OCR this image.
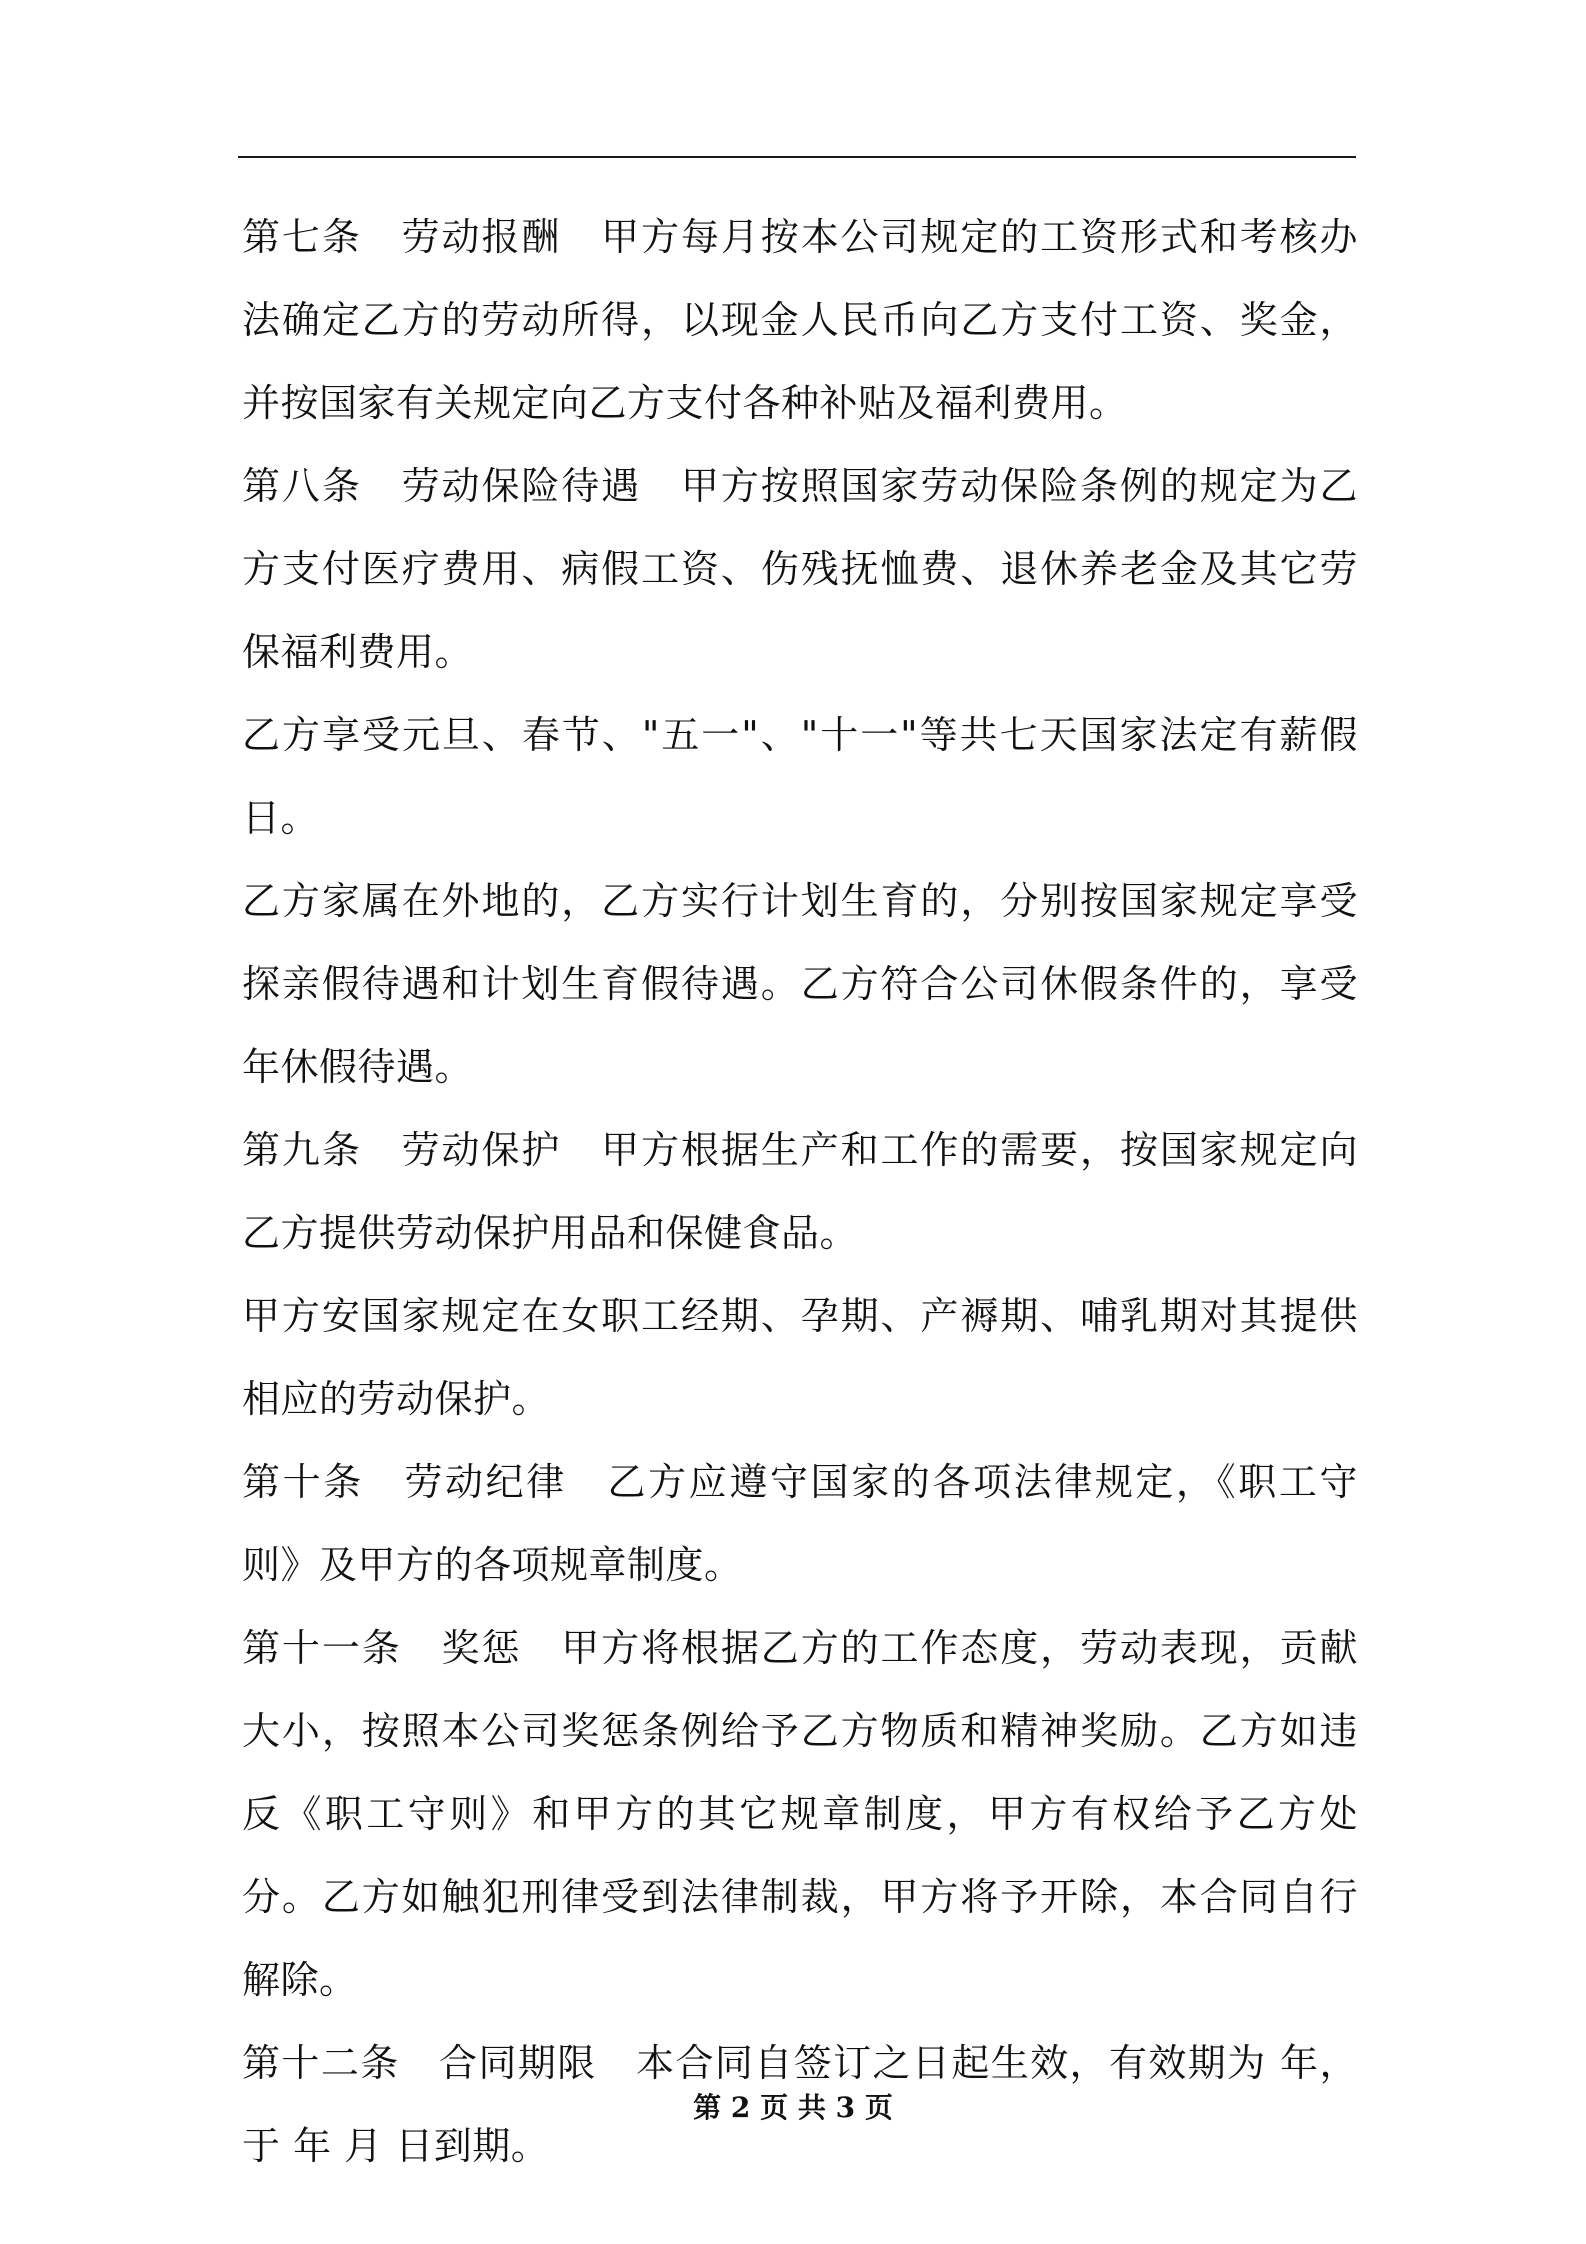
第七条　劳动报酬　甲方每月按本公司规定的工资形式和考核办法确定乙方的劳动所得，以现金人民币向乙方支付工资、奖金，并按国家有关规定向乙方支付各种补贴及福利费用。

第八条　劳动保险待遇　甲方按照国家劳动保险条例的规定为乙方支付医疗费用、病假工资、伤残抚恤费、退休养老金及其它劳保福利费用。

乙方享受元旦、春节、"五一"、"十一"等共七天国家法定有薪假日。

乙方家属在外地的，乙方实行计划生育的，分别按国家规定享受探亲假待遇和计划生育假待遇。乙方符合公司休假条件的，享受年休假待遇。

第九条　劳动保护　甲方根据生产和工作的需要，按国家规定向乙方提供劳动保护用品和保健食品。

甲方安国家规定在女职工经期、孕期、产褥期、哺乳期对其提供相应的劳动保护。

第十条　劳动纪律　乙方应遵守国家的各项法律规定，《职工守则》及甲方的各项规章制度。

第十一条　奖惩　甲方将根据乙方的工作态度，劳动表现，贡献大小，按照本公司奖惩条例给予乙方物质和精神奖励。乙方如违反《职工守则》和甲方的其它规章制度，甲方有权给予乙方处分。乙方如触犯刑律受到法律制裁，甲方将予开除，本合同自行解除。

第十二条　合同期限　本合同自签订之日起生效，有效期为 年，于 年 月 日到期。

第 2 页 共 3 页
